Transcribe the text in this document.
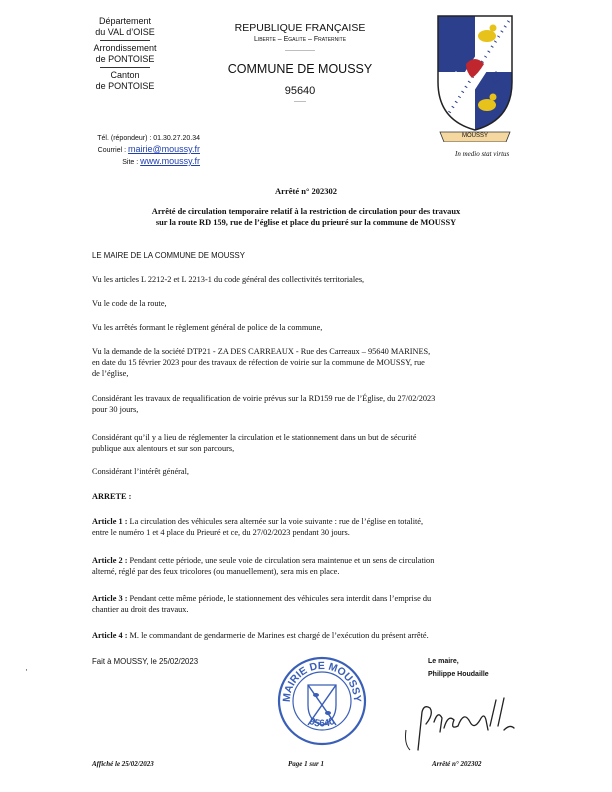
Département
du VAL d’OISE
Arrondissement
de PONTOISE
Canton
de PONTOISE
REPUBLIQUE FRANÇAISE
Liberte – Egalite – Fraternite
---------------
COMMUNE DE MOUSSY
95640
------
Tél. (répondeur) : 01.30.27.20.34
Courriel : mairie@moussy.fr
Site : www.moussy.fr
⚜ ⚜
MOUSSY
In medio stat virtus
Arrêté n° 202302
Arrêté de circulation temporaire relatif à la restriction de circulation pour des travaux
sur la route RD 159, rue de l’église et place du prieuré sur la commune de MOUSSY
LE MAIRE DE LA COMMUNE DE MOUSSY
Vu les articles L 2212-2 et L 2213-1 du code général des collectivités territoriales,
Vu le code de la route,
Vu les arrêtés formant le règlement général de police de la commune,
Vu la demande de la société DTP21 - ZA DES CARREAUX - Rue des Carreaux – 95640 MARINES,
en date du 15 février 2023 pour des travaux de réfection de voirie sur la commune de MOUSSY, rue
de l’église,
Considérant les travaux de requalification de voirie prévus sur la RD159 rue de l’Église, du 27/02/2023
pour 30 jours,
Considérant qu’il y a lieu de réglementer la circulation et le stationnement dans un but de sécurité
publique aux alentours et sur son parcours,
Considérant l’intérêt général,
ARRETE :
Article 1 : La circulation des véhicules sera alternée sur la voie suivante : rue de l’église en totalité,
entre le numéro 1 et 4 place du Prieuré et ce, du 27/02/2023 pendant 30 jours.
Article 2 : Pendant cette période, une seule voie de circulation sera maintenue et un sens de circulation
alterné, réglé par des feux tricolores (ou manuellement), sera mis en place.
Article 3 : Pendant cette même période, le stationnement des véhicules sera interdit dans l’emprise du
chantier au droit des travaux.
Article 4 : M. le commandant de gendarmerie de Marines est chargé de l’exécution du présent arrêté.
Fait à MOUSSY, le 25/02/2023
·
Le maire,
Philippe Houdaille
MAIRIE DE MOUSSY
95640
Affiché le 25/02/2023	Page 1 sur 1	Arrêté n° 202302
